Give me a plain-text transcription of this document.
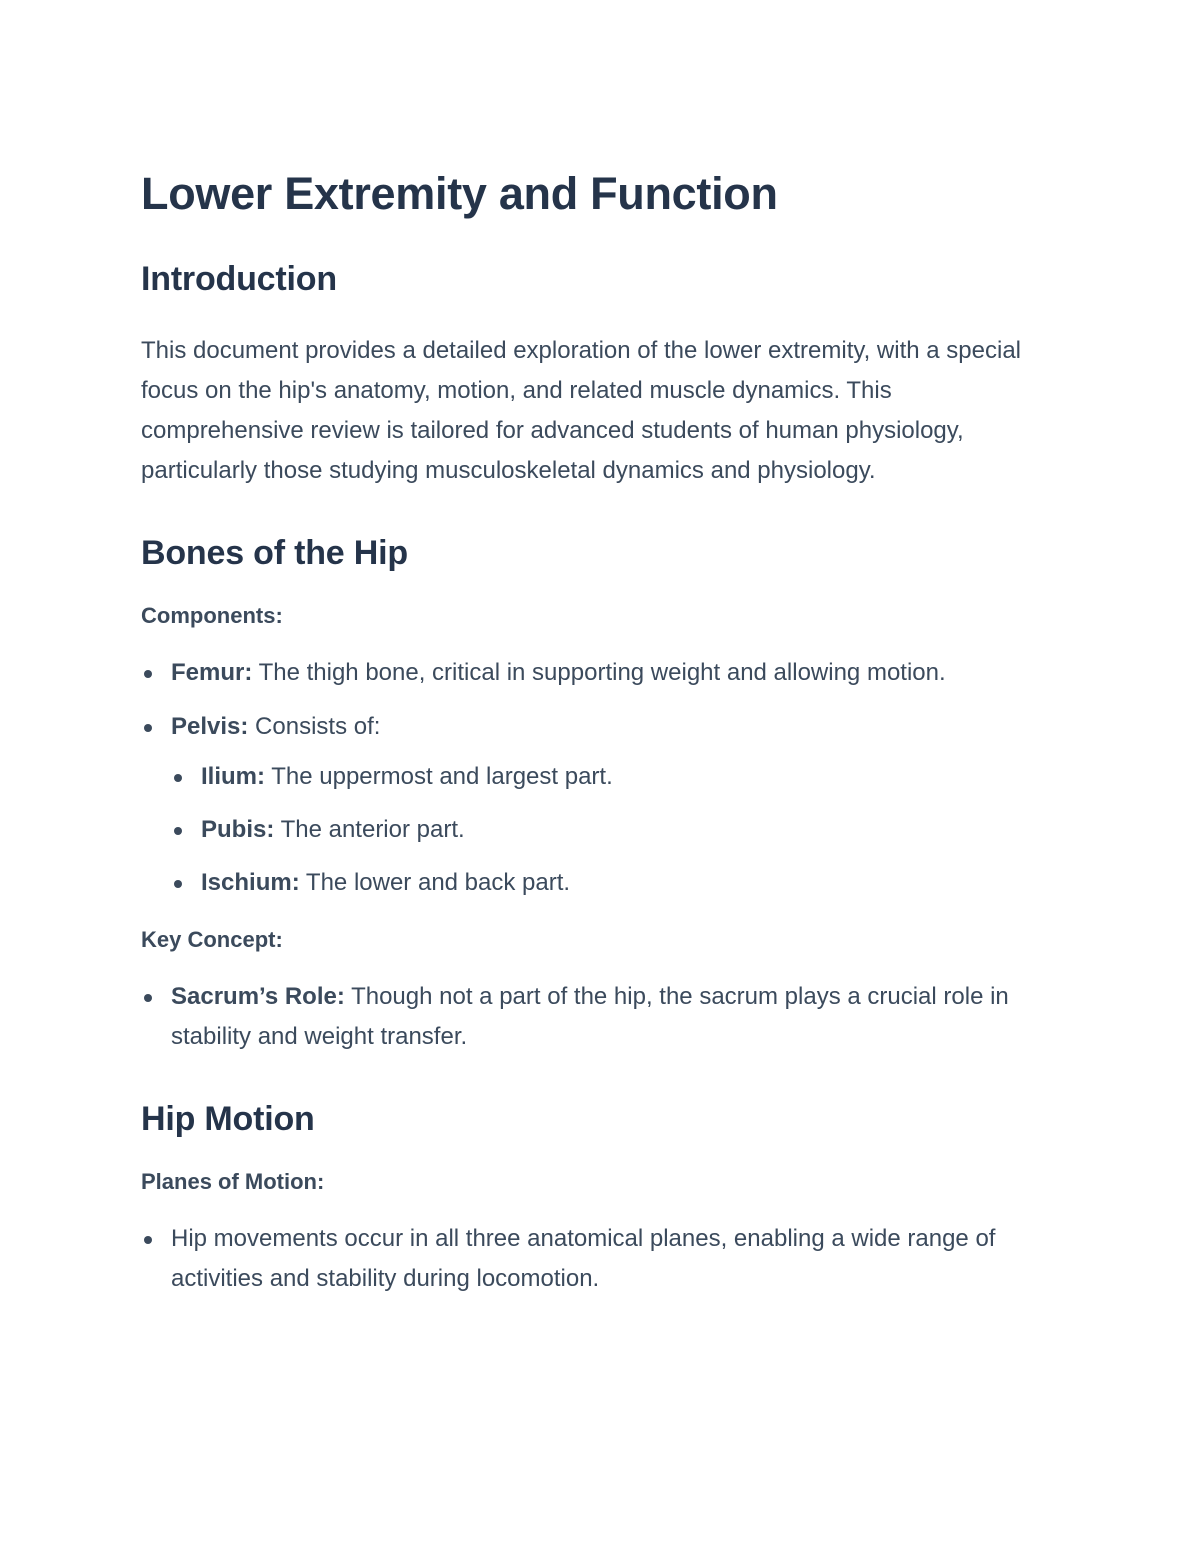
Lower Extremity and Function
Introduction

This document provides a detailed exploration of the lower extremity, with a special focus on the hip's anatomy, motion, and related muscle dynamics. This comprehensive review is tailored for advanced students of human physiology, particularly those studying musculoskeletal dynamics and physiology.

Bones of the Hip

Components:

Femur: The thigh bone, critical in supporting weight and allowing motion.
Pelvis: Consists of:
Ilium: The uppermost and largest part.
Pubis: The anterior part.
Ischium: The lower and back part.

Key Concept:

Sacrum’s Role: Though not a part of the hip, the sacrum plays a crucial role in stability and weight transfer.
Hip Motion

Planes of Motion:

Hip movements occur in all three anatomical planes, enabling a wide range of activities and stability during locomotion.
